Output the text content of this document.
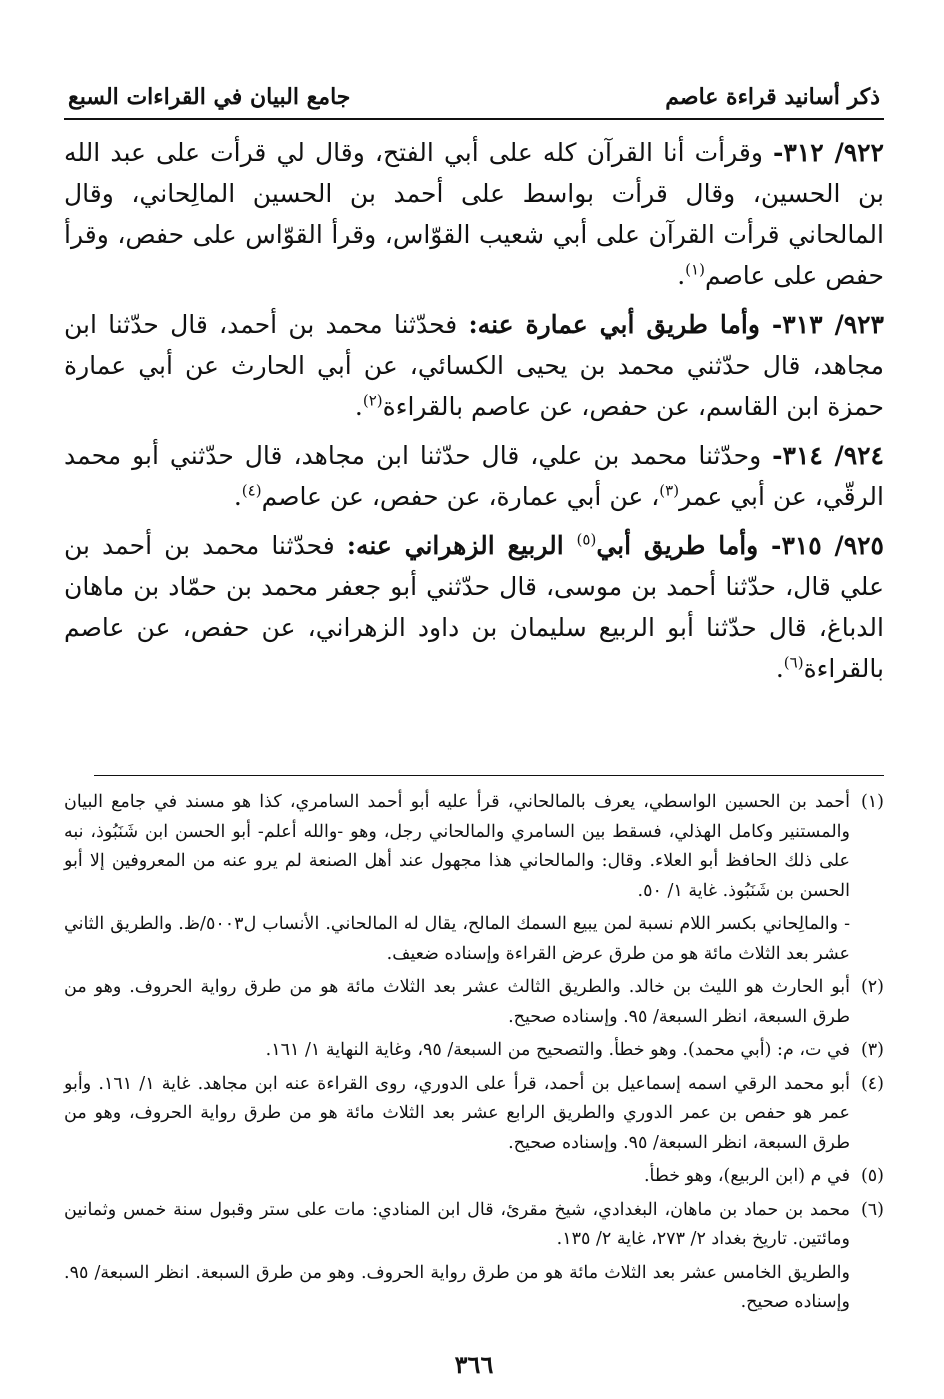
ذكر أسانيد قراءة عاصم
جامع البيان في القراءات السبع

٩٢٢/ ٣١٢- وقرأت أنا القرآن كله على أبي الفتح، وقال لي قرأت على عبد الله بن الحسين، وقال قرأت بواسط على أحمد بن الحسين المالِحاني، وقال المالحاني قرأت القرآن على أبي شعيب القوّاس، وقرأ القوّاس على حفص، وقرأ حفص على عاصم$^{(١)}$.

٩٢٣/ ٣١٣- وأما طريق أبي عمارة عنه: فحدّثنا محمد بن أحمد، قال حدّثنا ابن مجاهد، قال حدّثني محمد بن يحيى الكسائي، عن أبي الحارث عن أبي عمارة حمزة ابن القاسم، عن حفص، عن عاصم بالقراءة$^{(٢)}$.

٩٢٤/ ٣١٤- وحدّثنا محمد بن علي، قال حدّثنا ابن مجاهد، قال حدّثني أبو محمد الرقّي، عن أبي عمر$^{(٣)}$، عن أبي عمارة، عن حفص، عن عاصم$^{(٤)}$.

٩٢٥/ ٣١٥- وأما طريق أبي$^{(٥)}$ الربيع الزهراني عنه: فحدّثنا محمد بن أحمد بن علي قال، حدّثنا أحمد بن موسى، قال حدّثني أبو جعفر محمد بن حمّاد بن ماهان الدباغ، قال حدّثنا أبو الربيع سليمان بن داود الزهراني، عن حفص، عن عاصم بالقراءة$^{(٦)}$.

(١)
أحمد بن الحسين الواسطي، يعرف بالمالحاني، قرأ عليه أبو أحمد السامري، كذا هو مسند في جامع البيان والمستنير وكامل الهذلي، فسقط بين السامري والمالحاني رجل، وهو -والله أعلم- أبو الحسن ابن شَنَبُوذ، نبه على ذلك الحافظ أبو العلاء. وقال: والمالحاني هذا مجهول عند أهل الصنعة لم يرو عنه من المعروفين إلا أبو الحسن بن شَنَبُوذ. غاية ١/ ٥٠.
- والمالِحاني بكسر اللام نسبة لمن يبيع السمك المالح، يقال له المالحاني. الأنساب ل٥٠٠٣/ظ. والطريق الثاني عشر بعد الثلاث مائة هو من طرق عرض القراءة وإسناده ضعيف.
(٢)
أبو الحارث هو الليث بن خالد. والطريق الثالث عشر بعد الثلاث مائة هو من طرق رواية الحروف. وهو من طرق السبعة، انظر السبعة/ ٩٥. وإسناده صحيح.
(٣)
في ت، م: (أبي محمد). وهو خطأ. والتصحيح من السبعة/ ٩٥، وغاية النهاية ١/ ١٦١.
(٤)
أبو محمد الرقي اسمه إسماعيل بن أحمد، قرأ على الدوري، روى القراءة عنه ابن مجاهد. غاية ١/ ١٦١. وأبو عمر هو حفص بن عمر الدوري والطريق الرابع عشر بعد الثلاث مائة هو من طرق رواية الحروف، وهو من طرق السبعة، انظر السبعة/ ٩٥. وإسناده صحيح.
(٥)
في م (ابن الربيع)، وهو خطأ.
(٦)
محمد بن حماد بن ماهان، البغدادي، شيخ مقرئ، قال ابن المنادي: مات على ستر وقبول سنة خمس وثمانين ومائتين. تاريخ بغداد ٢/ ٢٧٣، غاية ٢/ ١٣٥.
والطريق الخامس عشر بعد الثلاث مائة هو من طرق رواية الحروف. وهو من طرق السبعة. انظر السبعة/ ٩٥. وإسناده صحيح.
٣٦٦
